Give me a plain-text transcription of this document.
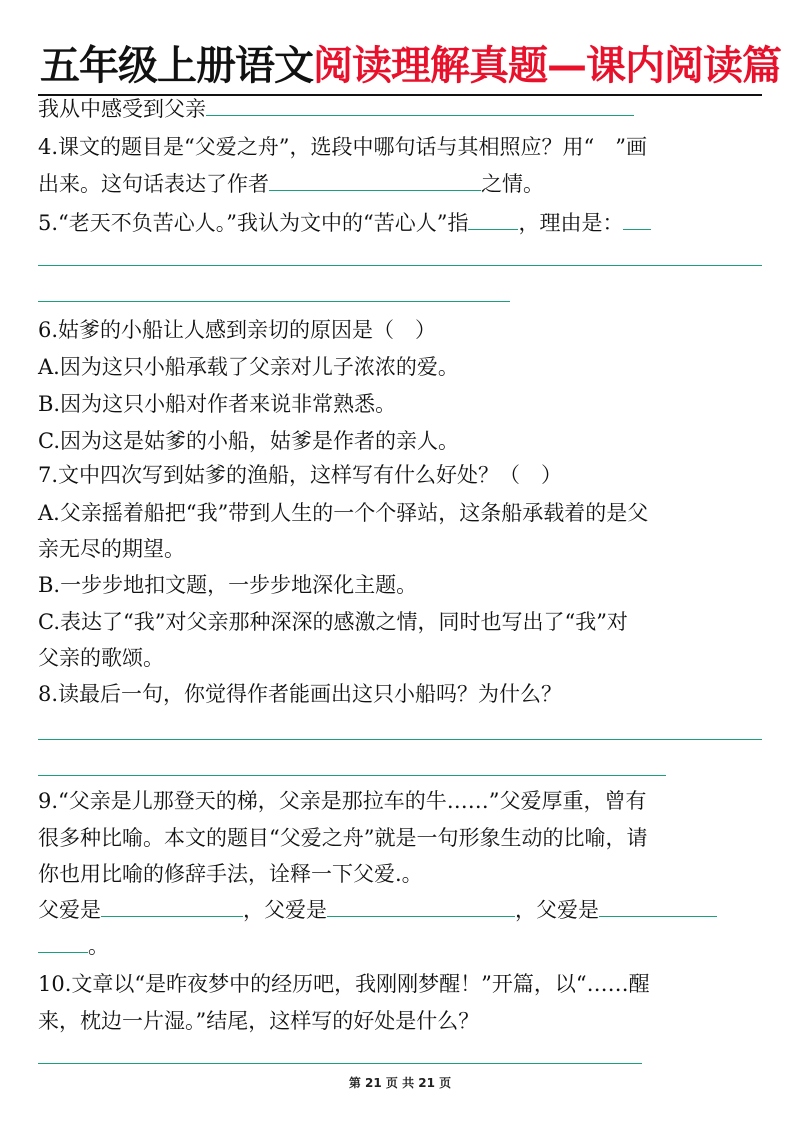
五年级上册语文阅读理解真题—课内阅读篇
我从中感受到父亲
4.课文的题目是“父爱之舟”，选段中哪句话与其相照应？用“　”画
出来。这句话表达了作者	之情。
5.“老天不负苦心人。”我认为文中的“苦心人”指 ，理由是：
6.姑爹的小船让人感到亲切的原因是（　）
A.因为这只小船承载了父亲对儿子浓浓的爱。
B.因为这只小船对作者来说非常熟悉。
C.因为这是姑爹的小船，姑爹是作者的亲人。
7.文中四次写到姑爹的渔船，这样写有什么好处？（　）
A.父亲摇着船把“我”带到人生的一个个驿站，这条船承载着的是父
亲无尽的期望。
B.一步步地扣文题，一步步地深化主题。
C.表达了“我”对父亲那种深深的感激之情，同时也写出了“我”对
父亲的歌颂。
8.读最后一句，你觉得作者能画出这只小船吗？为什么？
9.“父亲是儿那登天的梯，父亲是那拉车的牛……”父爱厚重，曾有
很多种比喻。本文的题目“父爱之舟”就是一句形象生动的比喻，请
你也用比喻的修辞手法，诠释一下父爱.。
父爱是	，父爱是	，父爱是
。
10.文章以“是昨夜梦中的经历吧，我刚刚梦醒！”开篇，以“……醒
来，枕边一片湿。”结尾，这样写的好处是什么？
第 21 页 共 21 页
